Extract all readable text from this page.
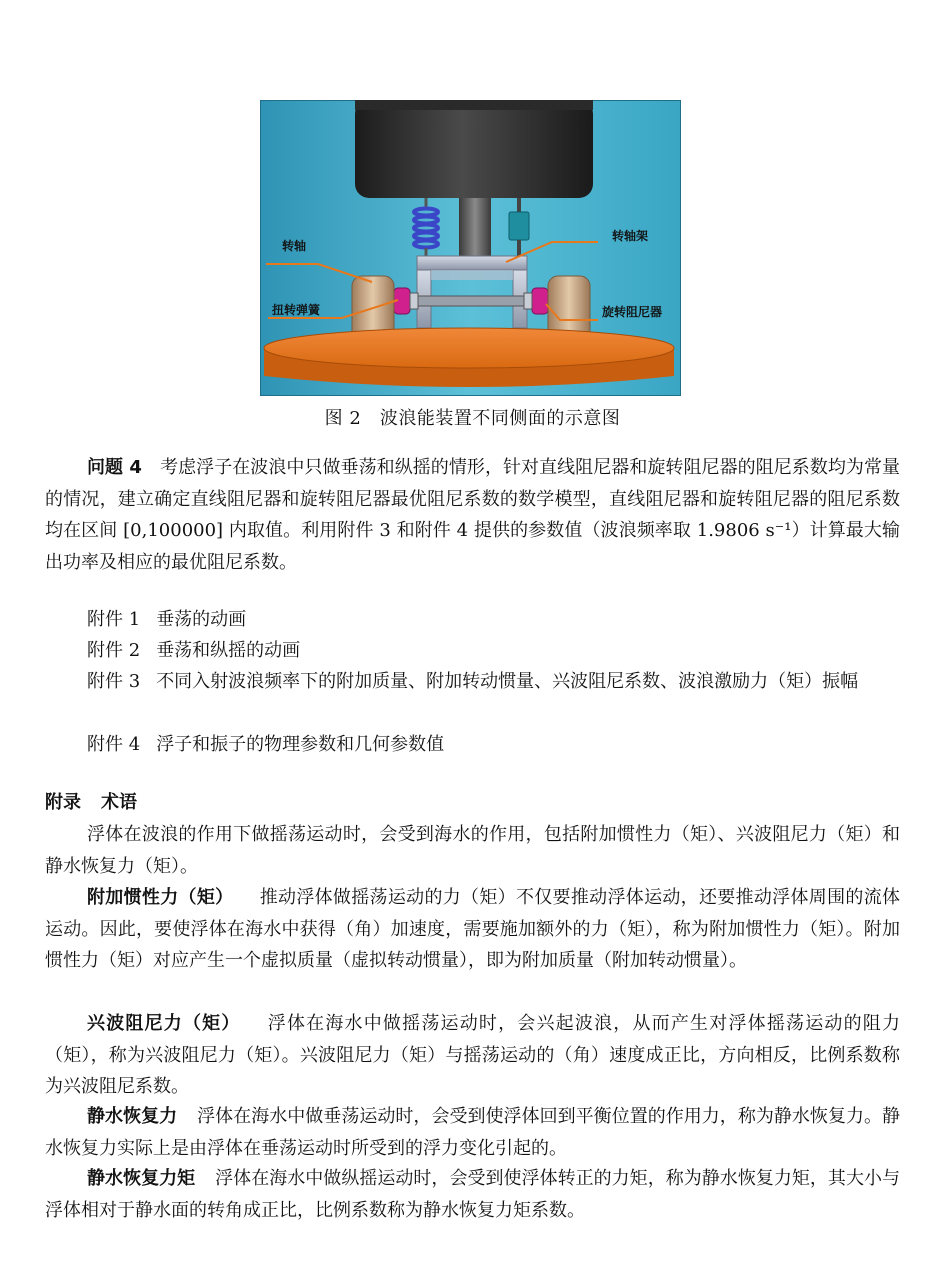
转轴
扭转弹簧
转轴架
旋转阻尼器
图 2　 波浪能装置不同侧面的示意图
问题 4　 考虑浮子在波浪中只做垂荡和纵摇的情形，针对直线阻尼器和旋转阻尼器的阻尼系数均为常量的情况，建立确定直线阻尼器和旋转阻尼器最优阻尼系数的数学模型，直线阻尼器和旋转阻尼器的阻尼系数均在区间 [0,100000] 内取值。利用附件 3 和附件 4 提供的参数值（波浪频率取 1.9806 s⁻¹）计算最大输出功率及相应的最优阻尼系数。
附件 1 垂荡的动画
附件 2 垂荡和纵摇的动画
附件 3 不同入射波浪频率下的附加质量、附加转动惯量、兴波阻尼系数、波浪激励力（矩）振幅
附件 4 浮子和振子的物理参数和几何参数值
附录 术语
浮体在波浪的作用下做摇荡运动时，会受到海水的作用，包括附加惯性力（矩）、兴波阻尼力（矩）和静水恢复力（矩）。
附加惯性力（矩） 推动浮体做摇荡运动的力（矩）不仅要推动浮体运动，还要推动浮体周围的流体运动。因此，要使浮体在海水中获得（角）加速度，需要施加额外的力（矩），称为附加惯性力（矩）。附加惯性力（矩）对应产生一个虚拟质量（虚拟转动惯量），即为附加质量（附加转动惯量）。
兴波阻尼力（矩） 浮体在海水中做摇荡运动时，会兴起波浪，从而产生对浮体摇荡运动的阻力（矩），称为兴波阻尼力（矩）。兴波阻尼力（矩）与摇荡运动的（角）速度成正比，方向相反，比例系数称为兴波阻尼系数。
静水恢复力 浮体在海水中做垂荡运动时，会受到使浮体回到平衡位置的作用力，称为静水恢复力。静水恢复力实际上是由浮体在垂荡运动时所受到的浮力变化引起的。
静水恢复力矩 浮体在海水中做纵摇运动时，会受到使浮体转正的力矩，称为静水恢复力矩，其大小与浮体相对于静水面的转角成正比，比例系数称为静水恢复力矩系数。
